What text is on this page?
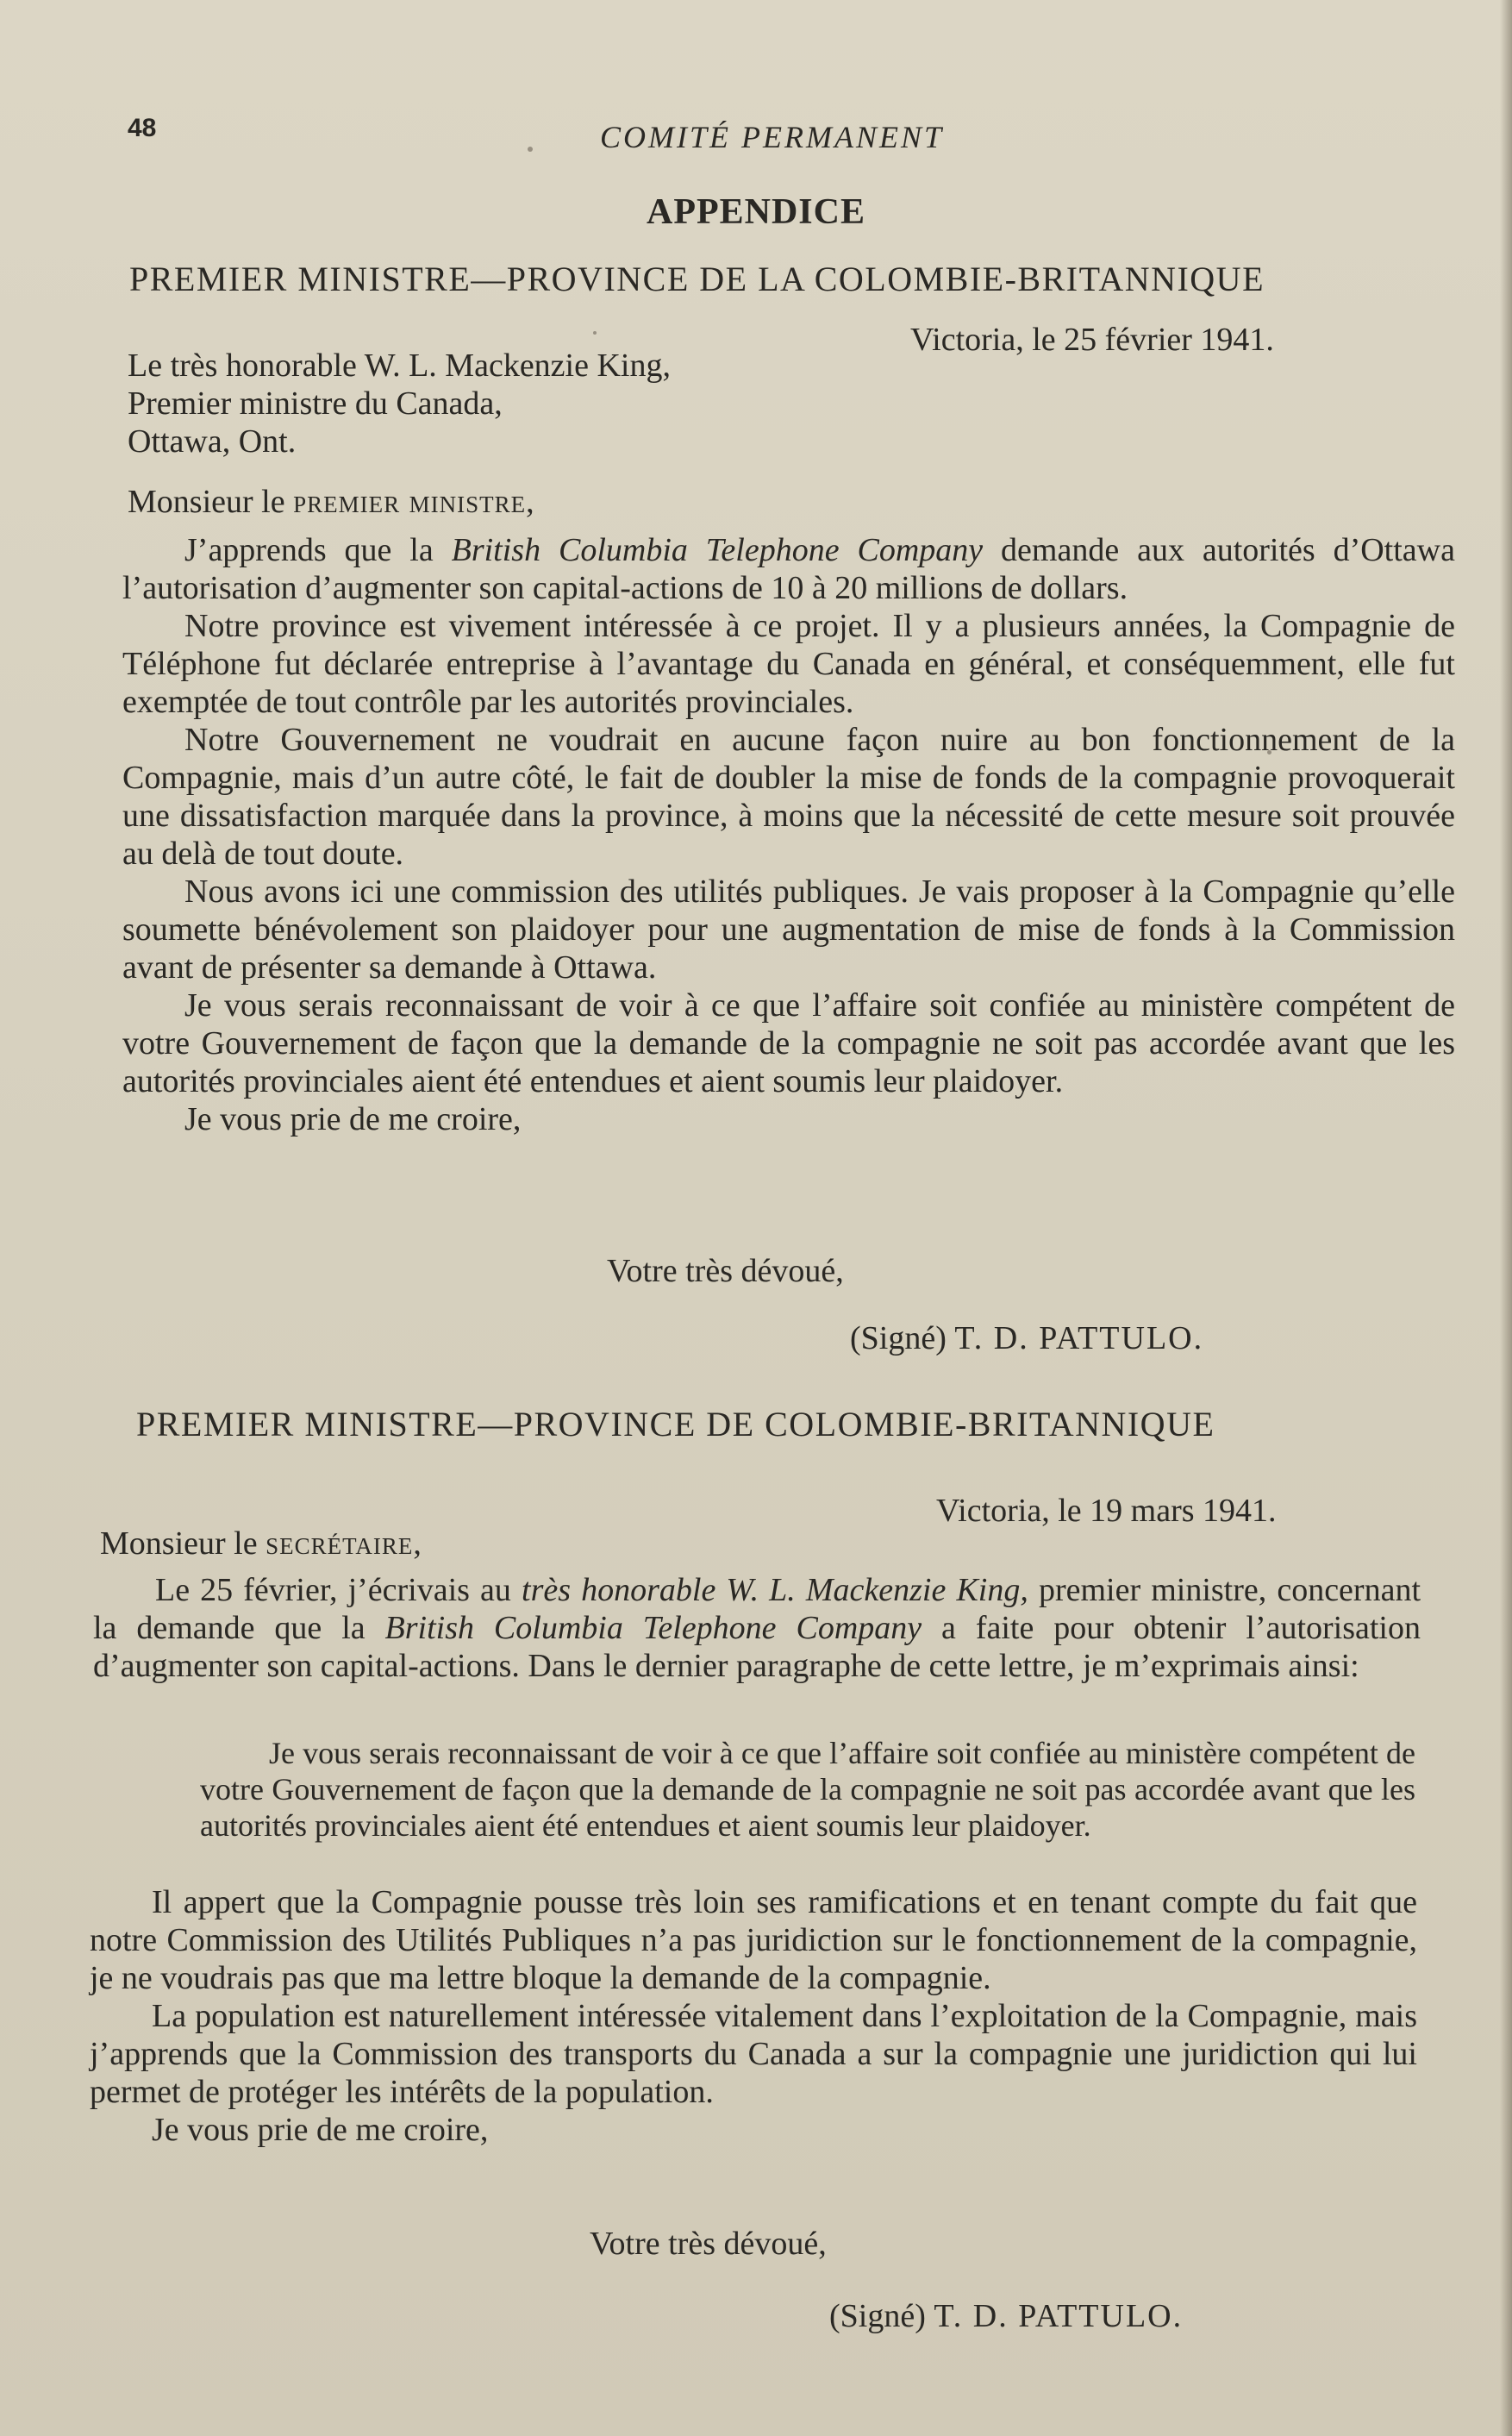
48	COMITÉ PERMANENT
APPENDICE
PREMIER MINISTRE—PROVINCE DE LA COLOMBIE-BRITANNIQUE
Victoria, le 25 février 1941.
Le très honorable W. L. Mackenzie King,
Premier ministre du Canada,
Ottawa, Ont.
Monsieur le premier ministre,

J’apprends que la British Columbia Telephone Company demande aux autorités d’Ottawa l’autorisation d’augmenter son capital-actions de 10 à 20 millions de dollars.

Notre province est vivement intéressée à ce projet. Il y a plusieurs années, la Compagnie de Téléphone fut déclarée entreprise à l’avantage du Canada en général, et conséquemment, elle fut exemptée de tout contrôle par les autorités provinciales.

Notre Gouvernement ne voudrait en aucune façon nuire au bon fonctionnement de la Compagnie, mais d’un autre côté, le fait de doubler la mise de fonds de la compagnie provoquerait une dissatisfaction marquée dans la province, à moins que la nécessité de cette mesure soit prouvée au delà de tout doute.

Nous avons ici une commission des utilités publiques. Je vais proposer à la Compagnie qu’elle soumette bénévolement son plaidoyer pour une augmentation de mise de fonds à la Commission avant de présenter sa demande à Ottawa.

Je vous serais reconnaissant de voir à ce que l’affaire soit confiée au ministère compétent de votre Gouvernement de façon que la demande de la compagnie ne soit pas accordée avant que les autorités provinciales aient été entendues et aient soumis leur plaidoyer.

Je vous prie de me croire,

Votre très dévoué,
(Signé) T. D. PATTULO.
PREMIER MINISTRE—PROVINCE DE COLOMBIE-BRITANNIQUE
Victoria, le 19 mars 1941.
Monsieur le secrétaire,

Le 25 février, j’écrivais au très honorable W. L. Mackenzie King, premier ministre, concernant la demande que la British Columbia Telephone Company a faite pour obtenir l’autorisation d’augmenter son capital-actions. Dans le dernier paragraphe de cette lettre, je m’exprimais ainsi:

Je vous serais reconnaissant de voir à ce que l’affaire soit confiée au ministère compétent de votre Gouvernement de façon que la demande de la compagnie ne soit pas accordée avant que les autorités provinciales aient été entendues et aient soumis leur plaidoyer.

Il appert que la Compagnie pousse très loin ses ramifications et en tenant compte du fait que notre Commission des Utilités Publiques n’a pas juridiction sur le fonctionnement de la compagnie, je ne voudrais pas que ma lettre bloque la demande de la compagnie.

La population est naturellement intéressée vitalement dans l’exploitation de la Compagnie, mais j’apprends que la Commission des transports du Canada a sur la compagnie une juridiction qui lui permet de protéger les intérêts de la population.

Je vous prie de me croire,

Votre très dévoué,
(Signé) T. D. PATTULO.
